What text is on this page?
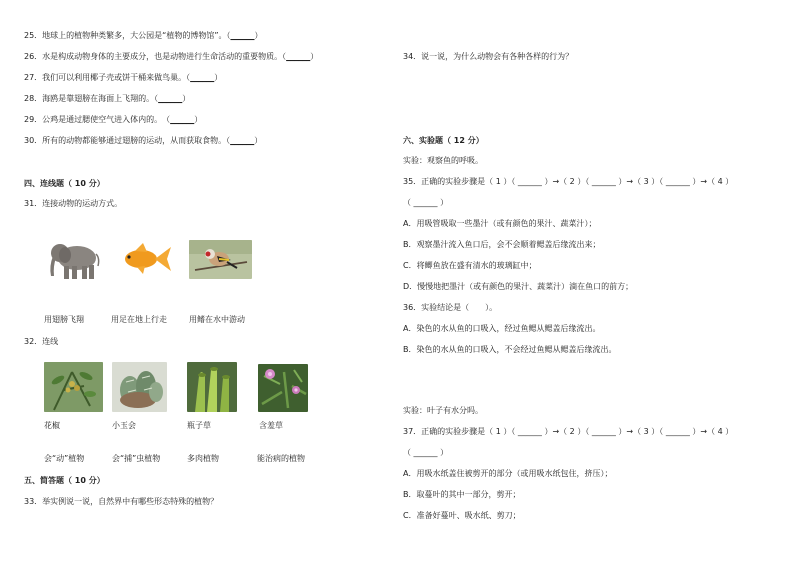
25．地球上的植物种类繁多，大公园是“植物的博物馆”。（______）
26．水是构成动物身体的主要成分，也是动物进行生命活动的重要物质。（______）
27．我们可以利用椰子壳或饼干桶来做鸟巢。（______）
28．海鸥是靠翅膀在海面上飞翔的。（______）
29．公鸡是通过腮使空气进入体内的。　（______）
30．所有的动物都能够通过翅膀的运动，从而获取食物。（______）
四、连线题（ 10 分）
31．连接动物的运动方式。
用翅膀飞翔	用足在地上行走	用鳍在水中游动
32．连线
花椒	小玉会	瓶子草	含羞草
会“动”植物	会“捕”虫植物	多肉植物	能治病的植物
五、简答题（ 10 分）
33．举实例说一说，自然界中有哪些形态特殊的植物？
34．说一说，为什么动物会有各种各样的行为？
六、实验题（ 12 分）
实验：观察鱼的呼吸。
35．正确的实验步骤是（ 1 ）（ ______ ）→（ 2 ）（ ______ ）→（ 3 ）（ ______ ）→（ 4 ）
（ ______ ）
A．用吸管吸取一些墨汁（或有颜色的果汁、蔬菜汁）；
B．观察墨汁流入鱼口后，会不会顺着鳃盖后缘流出来；
C．将鲫鱼放在盛有清水的玻璃缸中；
D．慢慢地把墨汁（或有颜色的果汁、蔬菜汁）滴在鱼口的前方；
36．实验结论是（　　）。
A．染色的水从鱼的口吸入，经过鱼鳃从鳃盖后缘流出。
B．染色的水从鱼的口吸入，不会经过鱼鳃从鳃盖后缘流出。
实验：叶子有水分吗。
37．正确的实验步骤是（ 1 ）（ ______ ）→（ 2 ）（ ______ ）→（ 3 ）（ ______ ）→（ 4 ）
（ ______ ）
A．用吸水纸盖住被剪开的部分（或用吸水纸包住，挤压）；
B．取蔓叶的其中一部分，剪开；
C．准备好蔓叶、吸水纸、剪刀；
